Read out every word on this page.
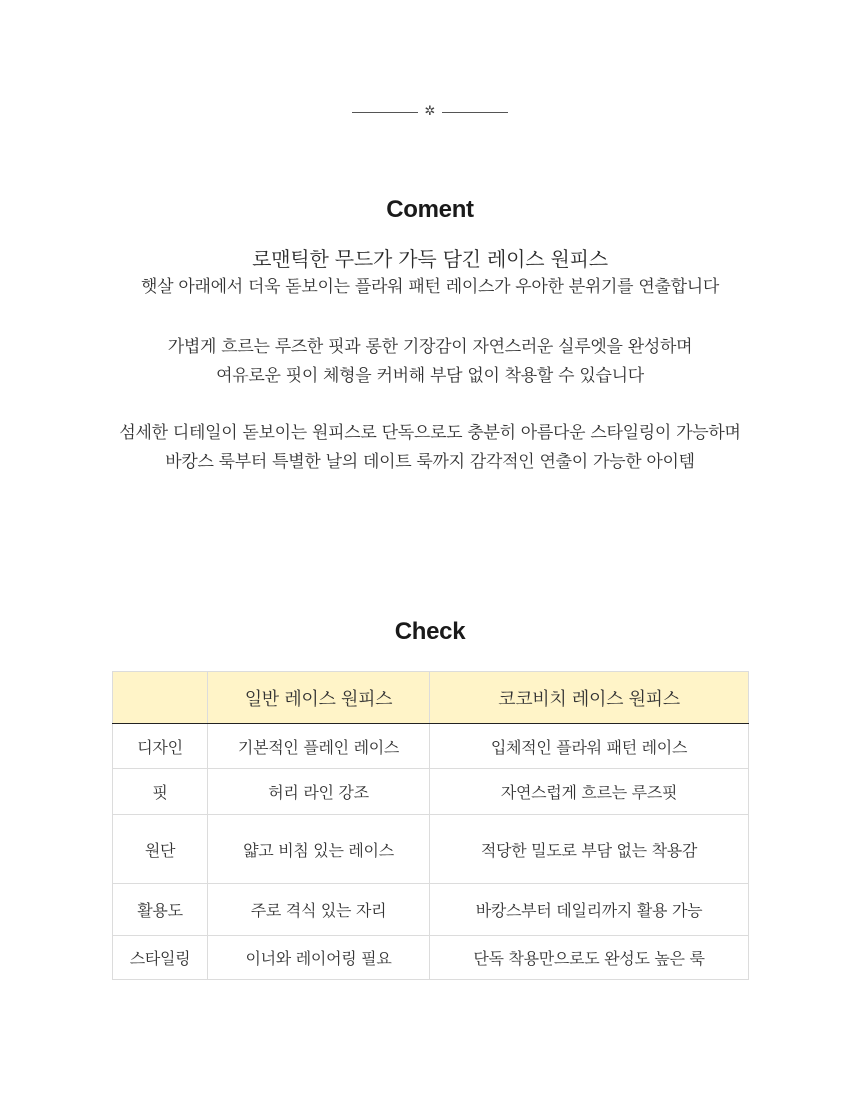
✲
Coment
로맨틱한 무드가 가득 담긴 레이스 원피스
햇살 아래에서 더욱 돋보이는 플라워 패턴 레이스가 우아한 분위기를 연출합니다
가볍게 흐르는 루즈한 핏과 롱한 기장감이 자연스러운 실루엣을 완성하며
여유로운 핏이 체형을 커버해 부담 없이 착용할 수 있습니다
섬세한 디테일이 돋보이는 원피스로 단독으로도 충분히 아름다운 스타일링이 가능하며
바캉스 룩부터 특별한 날의 데이트 룩까지 감각적인 연출이 가능한 아이템
Check
	일반 레이스 원피스	코코비치 레이스 원피스
디자인	기본적인 플레인 레이스	입체적인 플라워 패턴 레이스
핏	허리 라인 강조	자연스럽게 흐르는 루즈핏
원단	얇고 비침 있는 레이스	적당한 밀도로 부담 없는 착용감
활용도	주로 격식 있는 자리	바캉스부터 데일리까지 활용 가능
스타일링	이너와 레이어링 필요	단독 착용만으로도 완성도 높은 룩
